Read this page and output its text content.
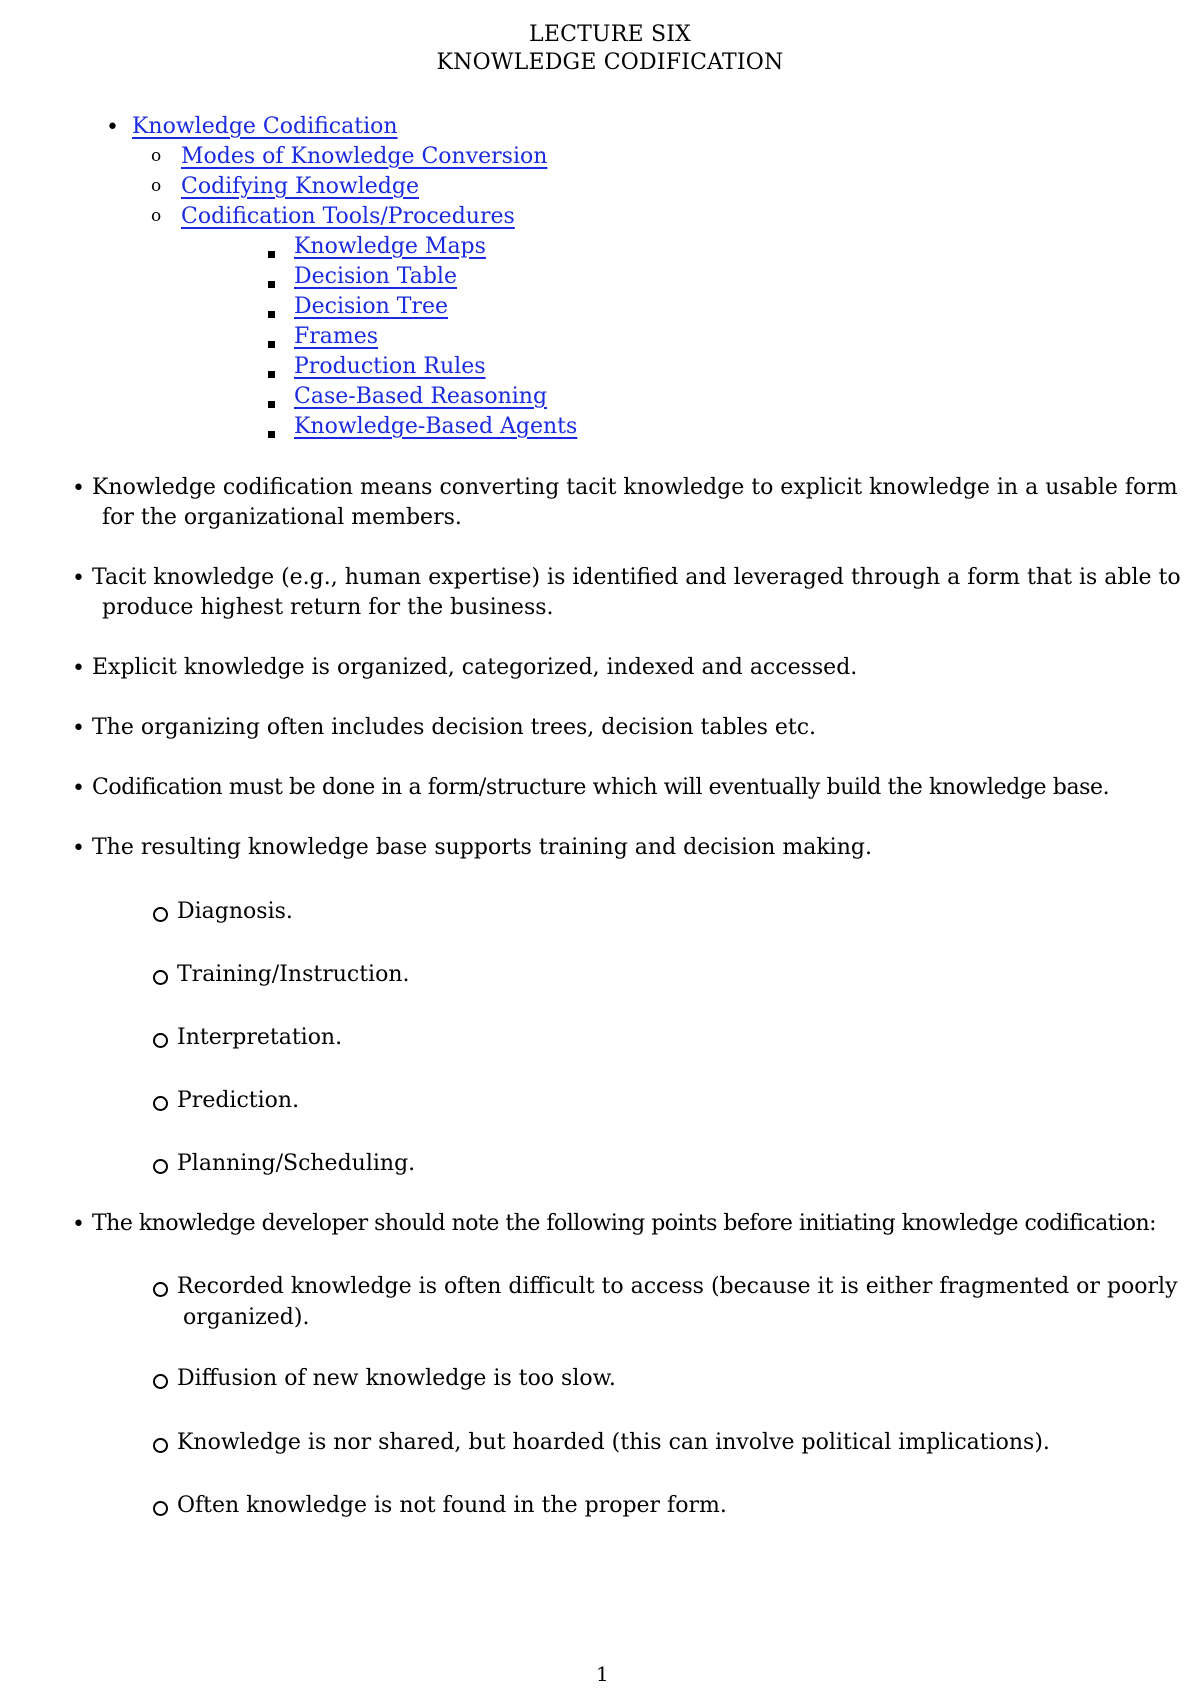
LECTURE SIX
KNOWLEDGE CODIFICATION
• Knowledge Codification
o Modes of Knowledge Conversion
o Codifying Knowledge
o Codification Tools/Procedures
Knowledge Maps
Decision Table
Decision Tree
Frames
Production Rules
Case-Based Reasoning
Knowledge-Based Agents
• Knowledge codification means converting tacit knowledge to explicit knowledge in a usable form
for the organizational members.
• Tacit knowledge (e.g., human expertise) is identified and leveraged through a form that is able to
produce highest return for the business.
• Explicit knowledge is organized, categorized, indexed and accessed.
• The organizing often includes decision trees, decision tables etc.
• Codification must be done in a form/structure which will eventually build the knowledge base.
• The resulting knowledge base supports training and decision making.
Diagnosis.
Training/Instruction.
Interpretation.
Prediction.
Planning/Scheduling.
• The knowledge developer should note the following points before initiating knowledge codification:
Recorded knowledge is often difficult to access (because it is either fragmented or poorly
organized).
Diffusion of new knowledge is too slow.
Knowledge is nor shared, but hoarded (this can involve political implications).
Often knowledge is not found in the proper form.
1
